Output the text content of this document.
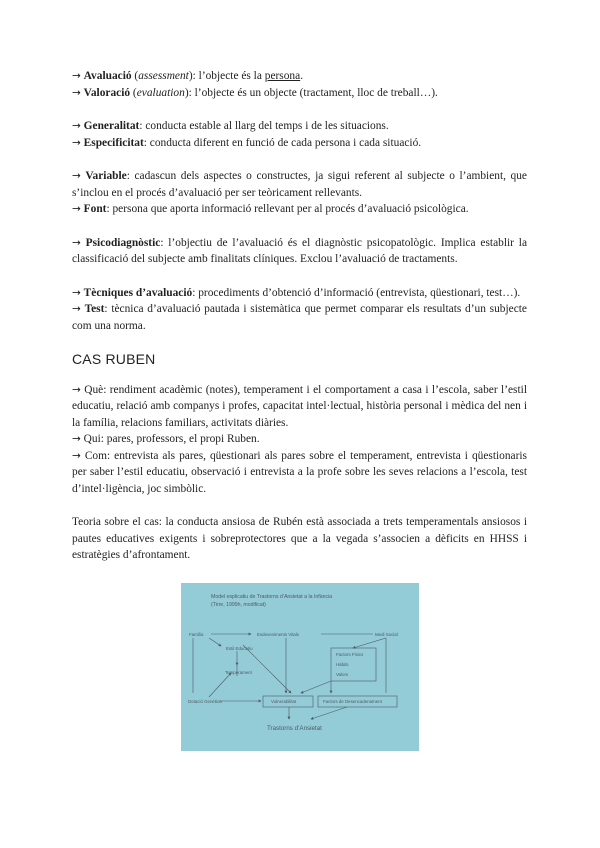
→ Avaluació (assessment): l’objecte és la persona.

→ Valoració (evaluation): l’objecte és un objecte (tractament, lloc de treball…).

→ Generalitat: conducta estable al llarg del temps i de les situacions.

→ Especificitat: conducta diferent en funció de cada persona i cada situació.

→ Variable: cadascun dels aspectes o constructes, ja sigui referent al subjecte o l’ambient, que s’inclou en el procés d’avaluació per ser teòricament rellevants.

→ Font: persona que aporta informació rellevant per al procés d’avaluació psicològica.

→ Psicodiagnòstic: l’objectiu de l’avaluació és el diagnòstic psicopatològic. Implica establir la classificació del subjecte amb finalitats clíniques. Exclou l’avaluació de tractaments.

→ Tècniques d’avaluació: procediments d’obtenció d’informació (entrevista, qüestionari, test…).

→ Test: tècnica d’avaluació pautada i sistemàtica que permet comparar els resultats d’un subjecte com una norma.

CAS RUBEN

→ Què: rendiment acadèmic (notes), temperament i el comportament a casa i l’escola, saber l’estil educatiu, relació amb companys i profes, capacitat intel·lectual, història personal i mèdica del nen i la família, relacions familiars, activitats diàries.

→ Qui: pares, professors, el propi Ruben.

→ Com: entrevista als pares, qüestionari als pares sobre el temperament, entrevista i qüestionaris per saber l’estil educatiu, observació i entrevista a la profe sobre les seves relacions a l’escola, test d’intel·ligència, joc simbòlic.

Teoria sobre el cas: la conducta ansiosa de Rubén està associada a trets temperamentals ansiosos i pautes educatives exigents i sobreprotectores que a la vegada s’associen a dèficits en HHSS i estratègies d’afrontament.

Model explicatiu de Trastorns d’Ansietat a la Infància
(Tirre, 1999h, modificat)
Família	Esdeveniments Vitals	Medi Social
Estil Educatiu
Temperament
Dotació Genètica
Factors Físics
Hàbits
Valors
Vulnerabilitat	Factors de Desencadenament
Trastorns d’Ansietat
